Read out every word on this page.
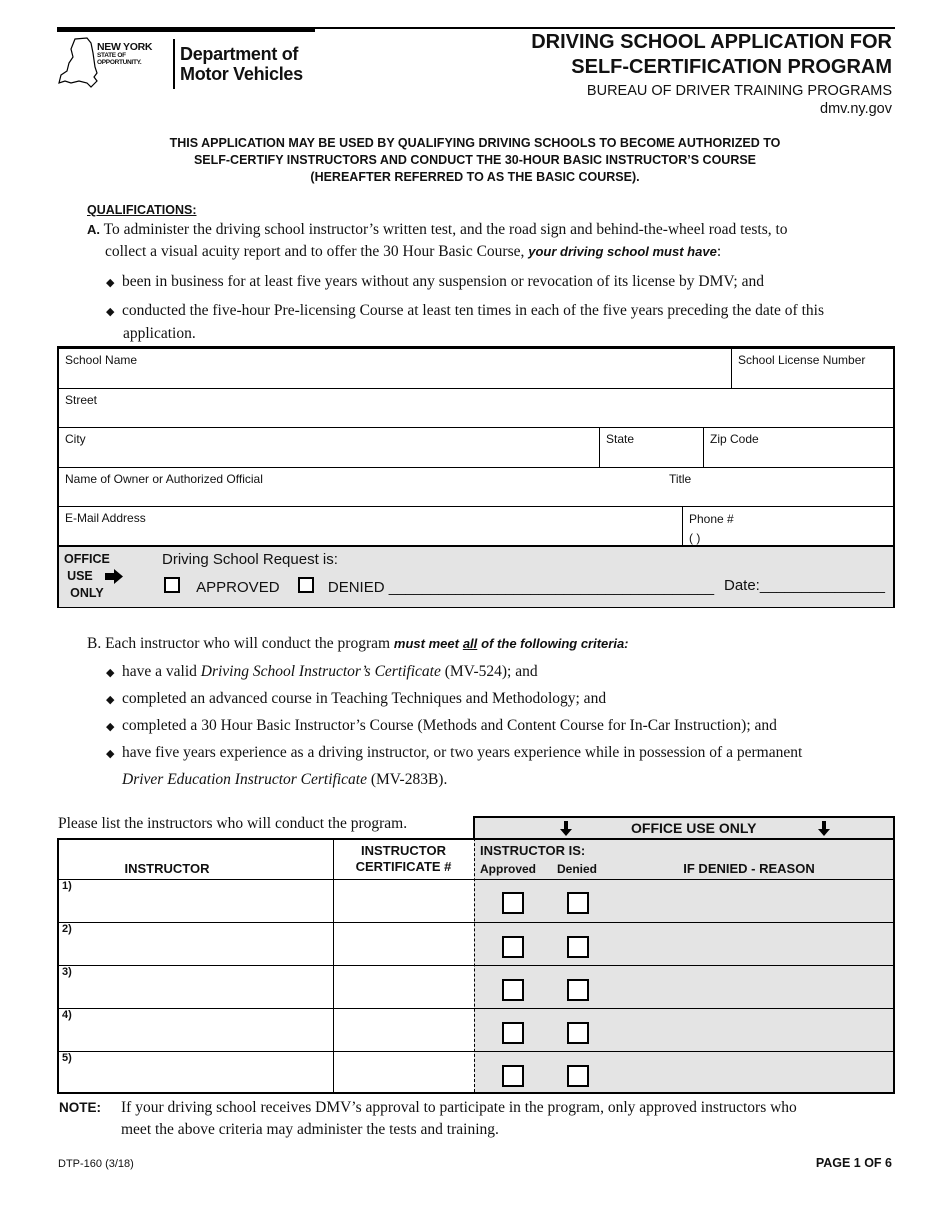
NEW YORK
STATE OF
OPPORTUNITY.	Department of
Motor Vehicles
DRIVING SCHOOL APPLICATION FOR
SELF-CERTIFICATION PROGRAM
BUREAU OF DRIVER TRAINING PROGRAMS
dmv.ny.gov
THIS APPLICATION MAY BE USED BY QUALIFYING DRIVING SCHOOLS TO BECOME AUTHORIZED TO
SELF-CERTIFY INSTRUCTORS AND CONDUCT THE 30-HOUR BASIC INSTRUCTOR’S COURSE
(HEREAFTER REFERRED TO AS THE BASIC COURSE).
QUALIFICATIONS:
A. To administer the driving school instructor’s written test, and the road sign and behind-the-wheel road tests, to
collect a visual acuity report and to offer the 30 Hour Basic Course, your driving school must have:
◆ been in business for at least five years without any suspension or revocation of its license by DMV; and
◆ conducted the five-hour Pre-licensing Course at least ten times in each of the five years preceding the date of this
application.
School Name	School License Number
Street
City	State	Zip Code
Name of Owner or Authorized Official	Title
E-Mail Address	Phone #
( )
OFFICE
USE
ONLY
Driving School Request is:
APPROVED	DENIED _______________________________________ Date:_______________
B. Each instructor who will conduct the program must meet all of the following criteria:
◆ have a valid Driving School Instructor’s Certificate (MV-524); and
◆ completed an advanced course in Teaching Techniques and Methodology; and
◆ completed a 30 Hour Basic Instructor’s Course (Methods and Content Course for In-Car Instruction); and
◆ have five years experience as a driving instructor, or two years experience while in possession of a permanent
Driver Education Instructor Certificate (MV-283B).
Please list the instructors who will conduct the program.	OFFICE USE ONLY
INSTRUCTOR
INSTRUCTOR
CERTIFICATE #
INSTRUCTOR IS:
Approved Denied	IF DENIED - REASON
1)
2)
3)
4)
5)
NOTE: If your driving school receives DMV’s approval to participate in the program, only approved instructors who
meet the above criteria may administer the tests and training.
DTP-160 (3/18)	PAGE 1 OF 6
